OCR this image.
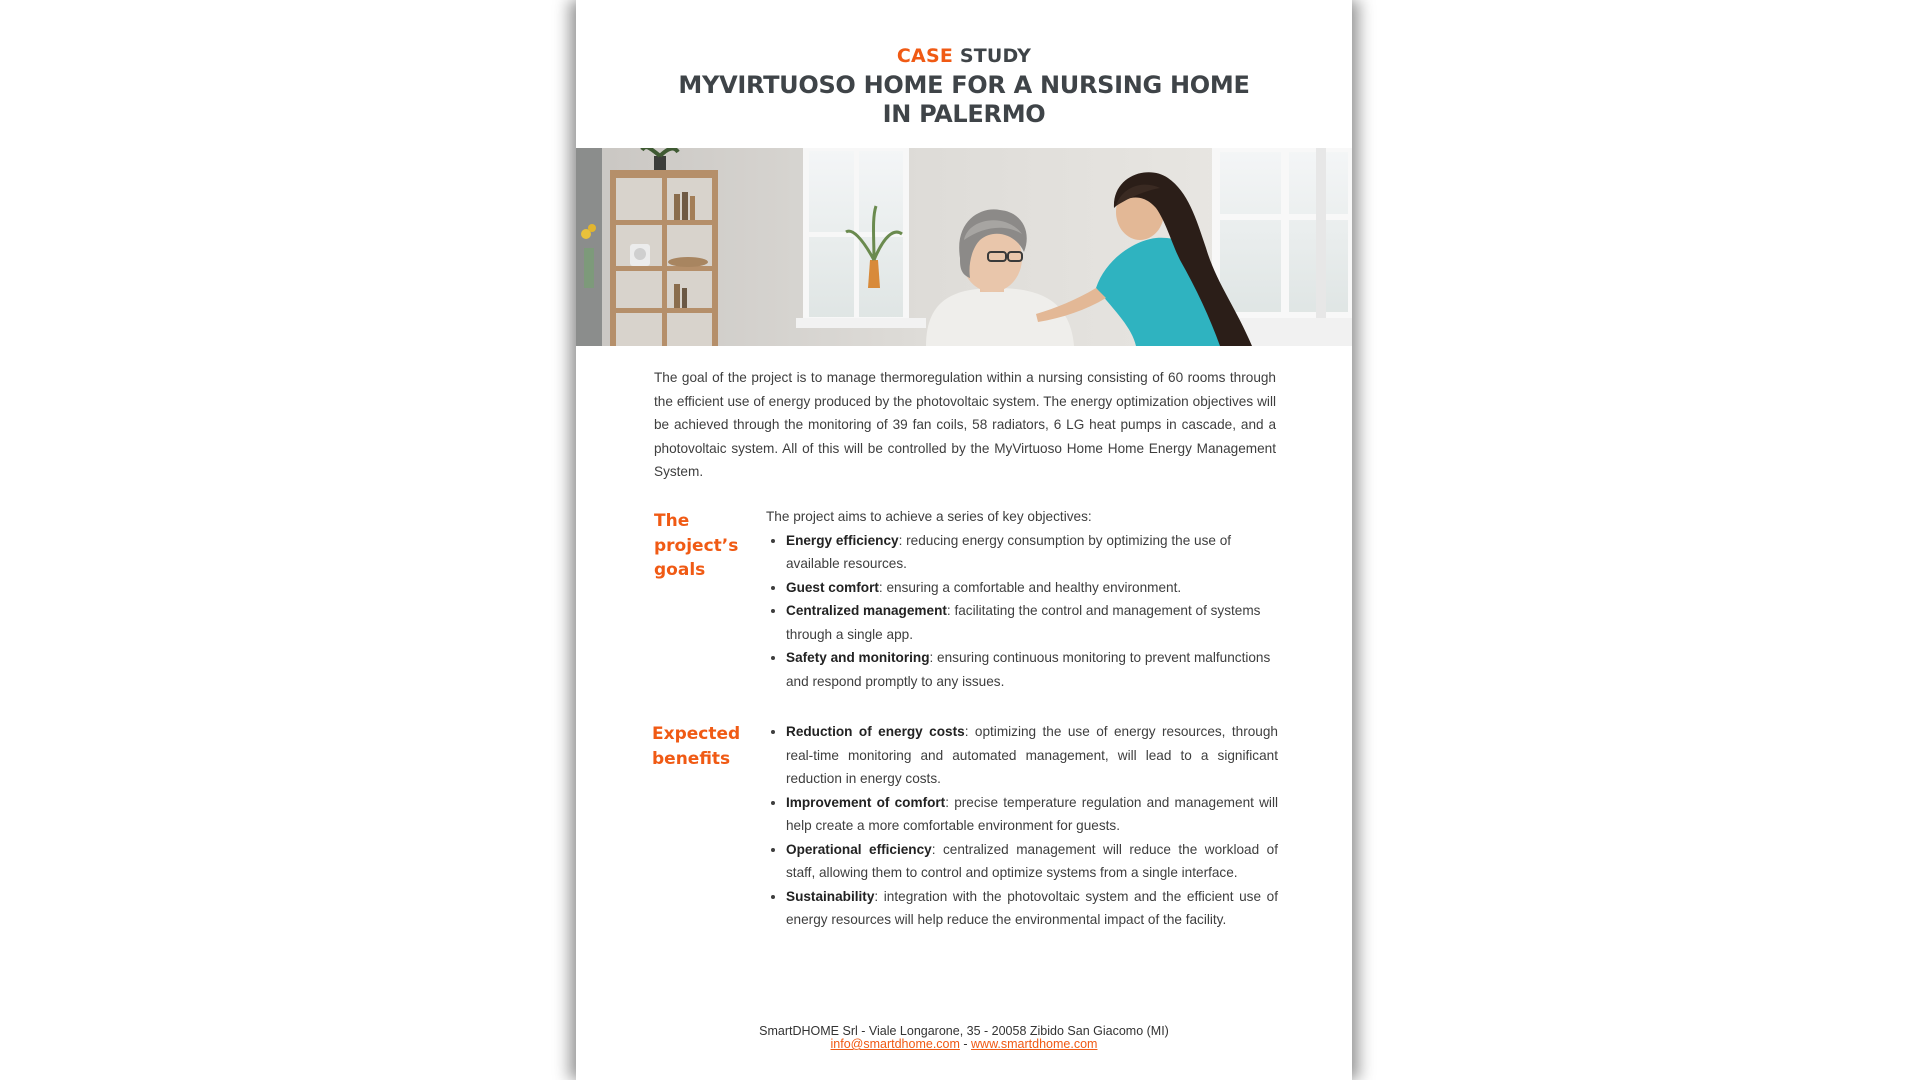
CASE STUDY
MYVIRTUOSO HOME FOR A NURSING HOME
IN PALERMO
The goal of the project is to manage thermoregulation within a nursing consisting of 60 rooms through the efficient use of energy produced by the photovoltaic system. The energy optimization objectives will be achieved through the monitoring of 39 fan coils, 58 radiators, 6 LG heat pumps in cascade, and a photovoltaic system. All of this will be controlled by the MyVirtuoso Home Home Energy Management System.
The
project’s
goals
The project aims to achieve a series of key objectives:
• Energy efficiency: reducing energy consumption by optimizing the use of available resources.
• Guest comfort: ensuring a comfortable and healthy environment.
• Centralized management: facilitating the control and management of systems through a single app.
• Safety and monitoring: ensuring continuous monitoring to prevent malfunctions and respond promptly to any issues.
Expected
benefits
• Reduction of energy costs: optimizing the use of energy resources, through real-time monitoring and automated management, will lead to a significant reduction in energy costs.
• Improvement of comfort: precise temperature regulation and management will help create a more comfortable environment for guests.
• Operational efficiency: centralized management will reduce the workload of staff, allowing them to control and optimize systems from a single interface.
• Sustainability: integration with the photovoltaic system and the efficient use of energy resources will help reduce the environmental impact of the facility.
SmartDHOME Srl - Viale Longarone, 35 - 20058 Zibido San Giacomo (MI)
info@smartdhome.com - www.smartdhome.com
